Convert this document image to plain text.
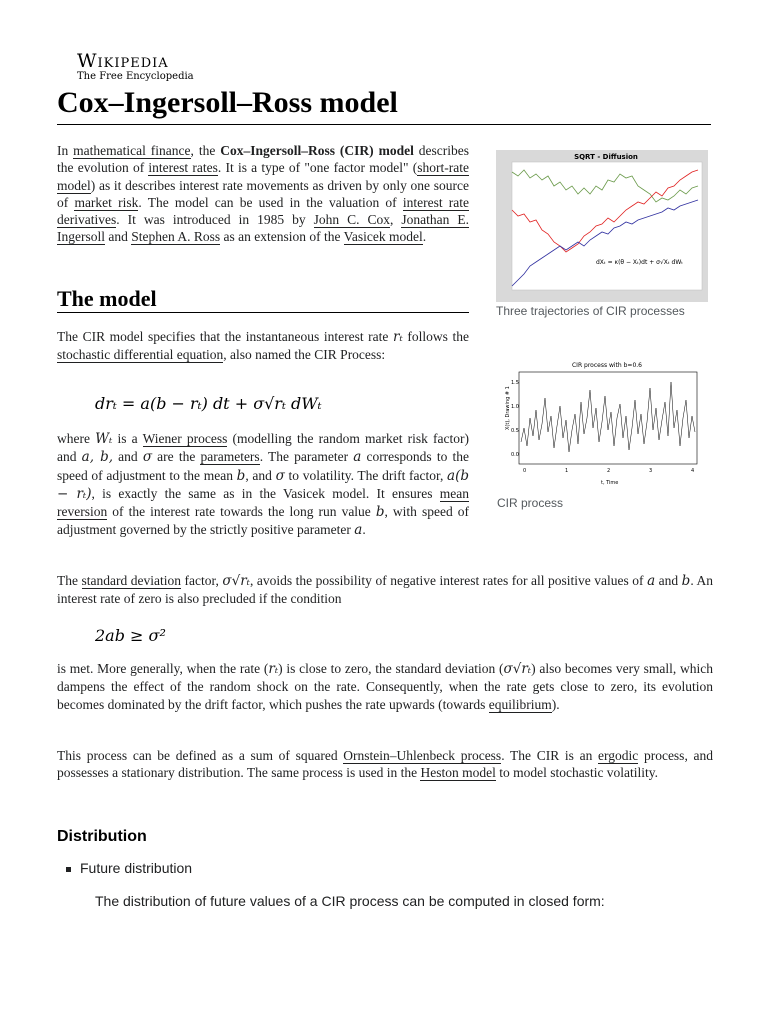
Wikipedia
The Free Encyclopedia
Cox–Ingersoll–Ross model
In mathematical finance, the Cox–Ingersoll–Ross (CIR) model describes the evolution of interest rates. It is a type of "one factor model" (short-rate model) as it describes interest rate movements as driven by only one source of market risk. The model can be used in the valuation of interest rate derivatives. It was introduced in 1985 by John C. Cox, Jonathan E. Ingersoll and Stephen A. Ross as an extension of the Vasicek model.
SQRT - Diffusion
dXₜ = κ(θ − Xₜ)dt + σ√Xₜ dWₜ
Three trajectories of CIR processes
The model
The CIR model specifies that the instantaneous interest rate rₜ follows the stochastic differential equation, also named the CIR Process:
drₜ = a(b − rₜ) dt + σ√rₜ dWₜ
CIR process with b=0.6
1.5
1.0
0.5
0.0
X(t), Drawing # 1
0	1	2	3	4
t, Time
CIR process
where Wₜ is a Wiener process (modelling the random market risk factor) and a, b, and σ are the parameters. The parameter a corresponds to the speed of adjustment to the mean b, and σ to volatility. The drift factor, a(b − rₜ), is exactly the same as in the Vasicek model. It ensures mean reversion of the interest rate towards the long run value b, with speed of adjustment governed by the strictly positive parameter a.
The standard deviation factor, σ√rₜ, avoids the possibility of negative interest rates for all positive values of a and b. An interest rate of zero is also precluded if the condition
2ab ≥ σ²
is met. More generally, when the rate (rₜ) is close to zero, the standard deviation (σ√rₜ) also becomes very small, which dampens the effect of the random shock on the rate. Consequently, when the rate gets close to zero, its evolution becomes dominated by the drift factor, which pushes the rate upwards (towards equilibrium).
This process can be defined as a sum of squared Ornstein–Uhlenbeck process. The CIR is an ergodic process, and possesses a stationary distribution. The same process is used in the Heston model to model stochastic volatility.
Distribution
Future distribution
The distribution of future values of a CIR process can be computed in closed form:
